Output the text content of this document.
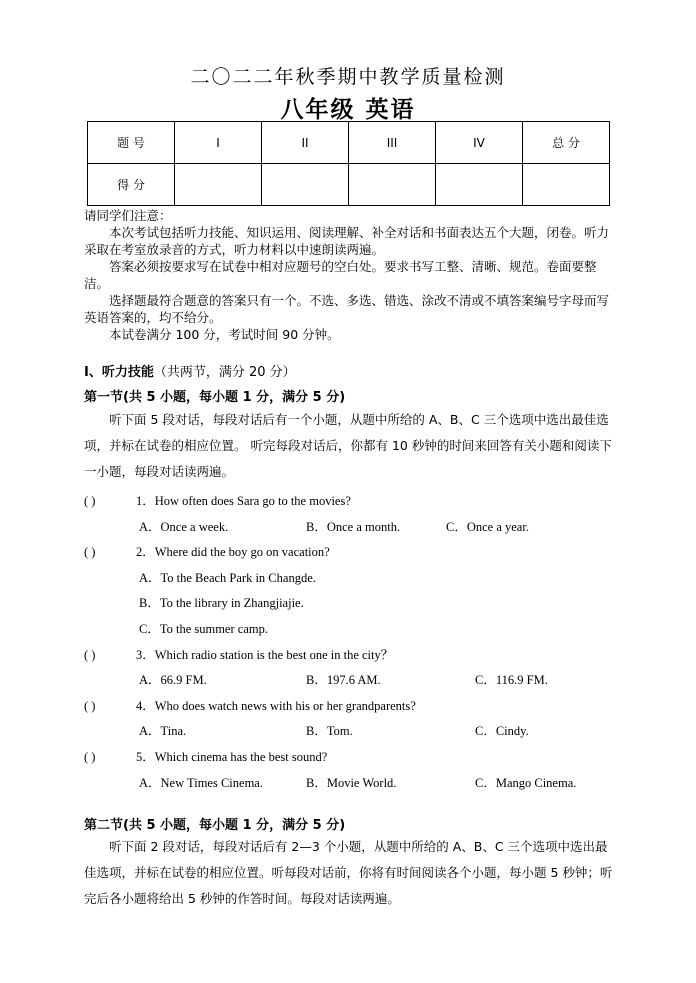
二〇二二年秋季期中教学质量检测
八年级 英语
题 号	I	II	III	IV	总 分
得 分					

请同学们注意：

本次考试包括听力技能、知识运用、阅读理解、补全对话和书面表达五个大题，闭卷。听力采取在考室放录音的方式，听力材料以中速朗读两遍。

答案必须按要求写在试卷中相对应题号的空白处。要求书写工整、清晰、规范。卷面要整洁。

选择题最符合题意的答案只有一个。不选、多选、错选、涂改不清或不填答案编号字母而写英语答案的，均不给分。

本试卷满分 100 分，考试时间 90 分钟。

I、听力技能（共两节，满分 20 分）
第一节(共 5 小题，每小题 1 分，满分 5 分)
听下面 5 段对话，每段对话后有一个小题，从题中所给的 A、B、C 三个选项中选出最佳选项，并标在试卷的相应位置。 听完每段对话后，你都有 10 秒钟的时间来回答有关小题和阅读下一小题，每段对话读两遍。
( )	1．How often does Sara go to the movies?
A．Once a week.	B．Once a month.	C．Once a year.
( )	2．Where did the boy go on vacation?
A．To the Beach Park in Changde.
B．To the library in Zhangjiajie.
C．To the summer camp.
( )	3．Which radio station is the best one in the city？
A．66.9 FM.	B．197.6 AM.	C．116.9 FM.
( )	4．Who does watch news with his or her grandparents?
A．Tina.	B．Tom.	C．Cindy.
( )	5．Which cinema has the best sound?
A．New Times Cinema.	B．Movie World.	C．Mango Cinema.
第二节(共 5 小题，每小题 1 分，满分 5 分)
听下面 2 段对话，每段对话后有 2—3 个小题，从题中所给的 A、B、C 三个选项中选出最佳选项，并标在试卷的相应位置。听每段对话前，你将有时间阅读各个小题，每小题 5 秒钟；听完后各小题将给出 5 秒钟的作答时间。每段对话读两遍。
